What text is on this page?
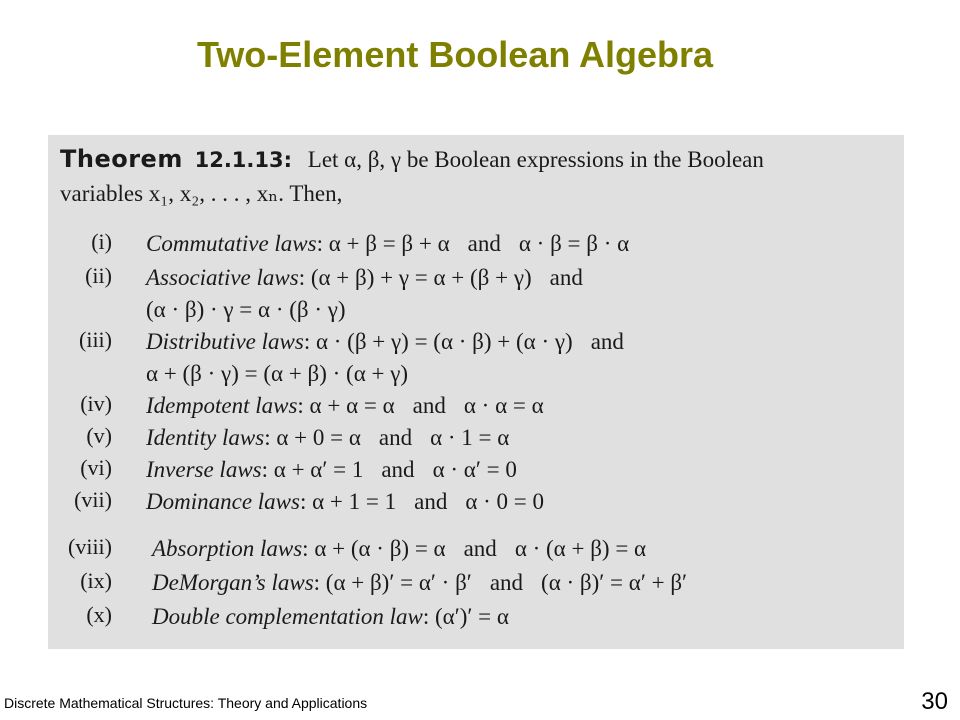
Two-Element Boolean Algebra
Theorem 12.1.13: Let α, β, γ be Boolean expressions in the Boolean
variables x₁, x₂, . . . , xₙ. Then,
(i) Commutative laws: α + β = β + α and α · β = β · α
(ii) Associative laws: (α + β) + γ = α + (β + γ) and
(α · β) · γ = α · (β · γ)
(iii) Distributive laws: α · (β + γ) = (α · β) + (α · γ) and
α + (β · γ) = (α + β) · (α + γ)
(iv) Idempotent laws: α + α = α and α · α = α
(v) Identity laws: α + 0 = α and α · 1 = α
(vi) Inverse laws: α + α′ = 1 and α · α′ = 0
(vii) Dominance laws: α + 1 = 1 and α · 0 = 0
(viii) Absorption laws: α + (α · β) = α and α · (α + β) = α
(ix) DeMorgan’s laws: (α + β)′ = α′ · β′ and (α · β)′ = α′ + β′
(x) Double complementation law: (α′)′ = α
Discrete Mathematical Structures: Theory and Applications	30
